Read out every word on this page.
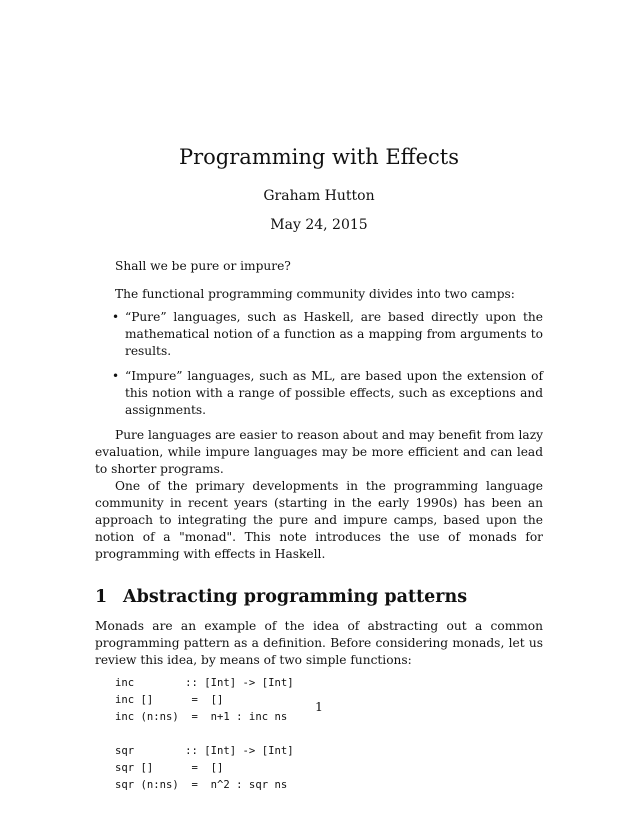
Programming with Effects
Graham Hutton
May 24, 2015

Shall we be pure or impure?

The functional programming community divides into two camps:

• “Pure” languages, such as Haskell, are based directly upon the mathematical notion of a function as a mapping from arguments to results.
• “Impure” languages, such as ML, are based upon the extension of this notion with a range of possible effects, such as exceptions and assignments.

Pure languages are easier to reason about and may benefit from lazy evaluation, while impure languages may be more efficient and can lead to shorter programs.

One of the primary developments in the programming language community in recent years (starting in the early 1990s) has been an approach to integrating the pure and impure camps, based upon the notion of a "monad". This note introduces the use of monads for programming with effects in Haskell.

1 Abstracting programming patterns

Monads are an example of the idea of abstracting out a common programming pattern as a definition. Before considering monads, let us review this idea, by means of two simple functions:

inc        :: [Int] -> [Int]
inc []      =  []
inc (n:ns)  =  n+1 : inc ns
sqr        :: [Int] -> [Int]
sqr []      =  []
sqr (n:ns)  =  n^2 : sqr ns
1
